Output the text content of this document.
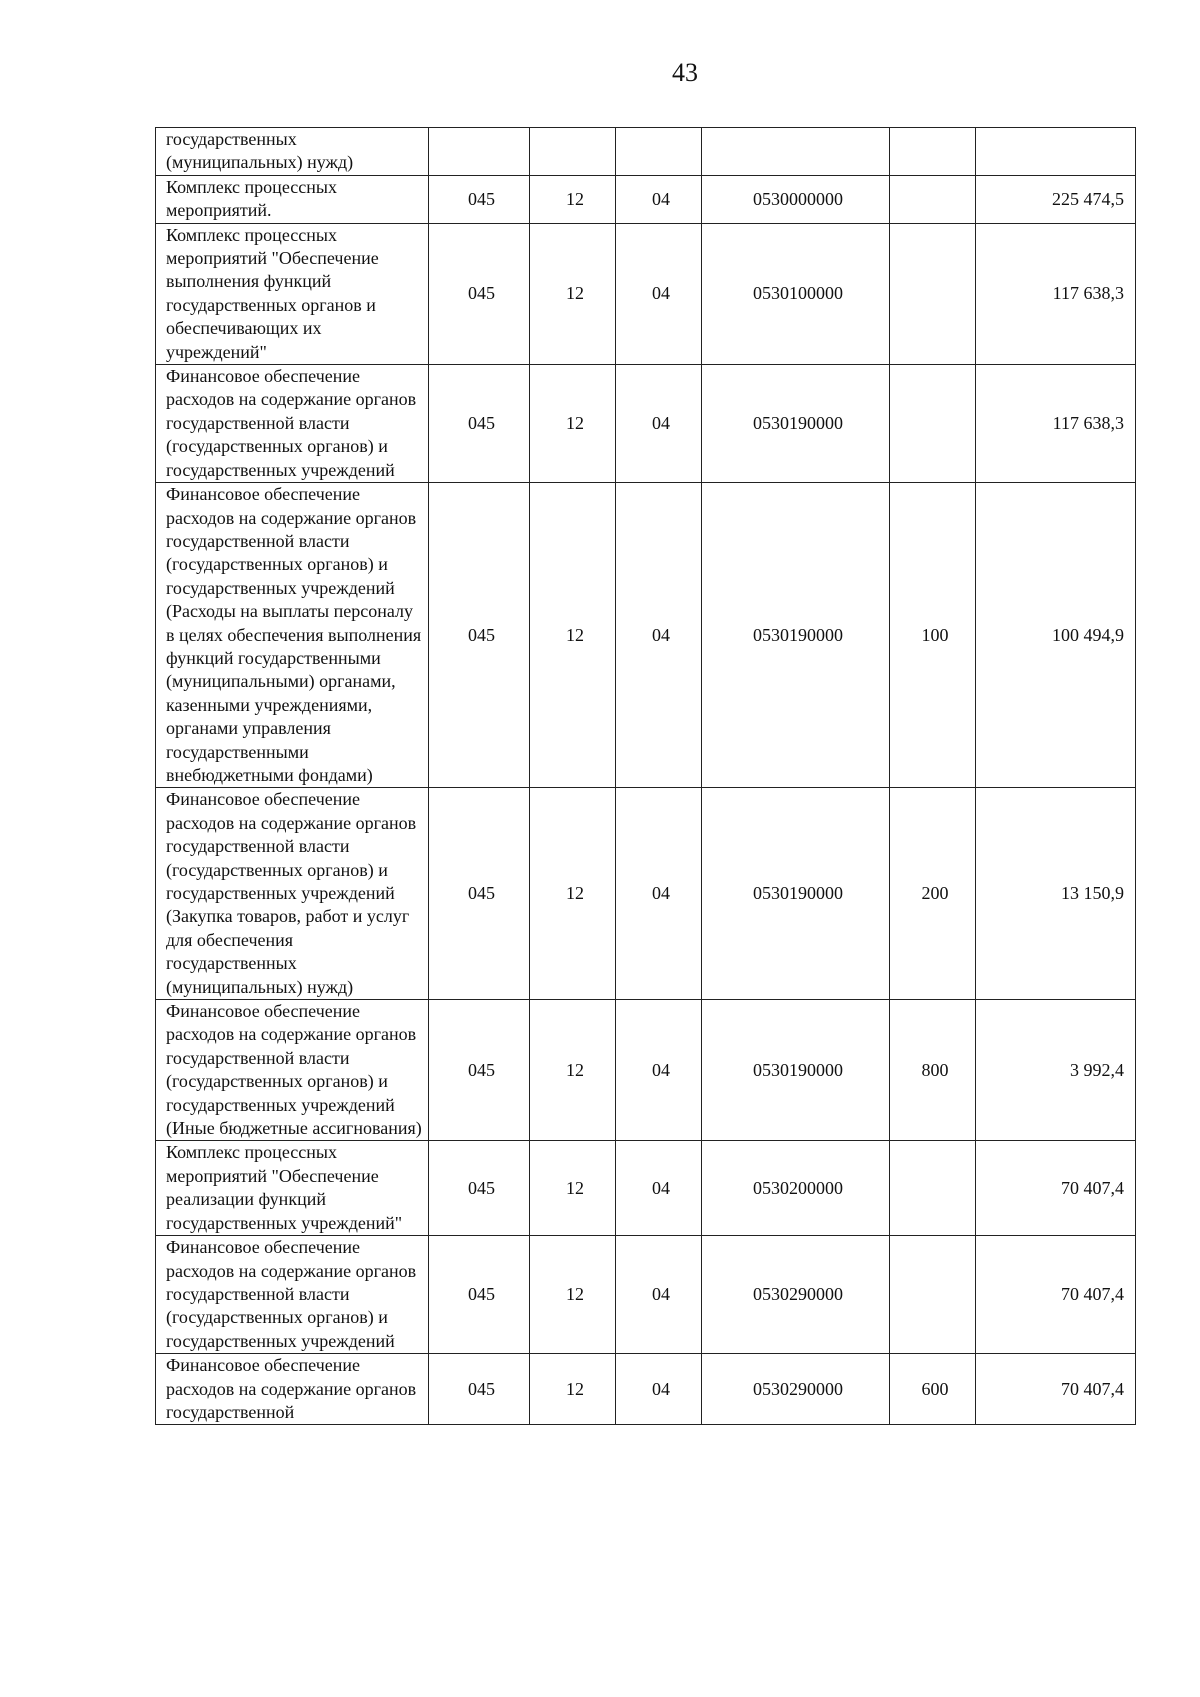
43
государственных (муниципальных) нужд)						
Комплекс процессных мероприятий.	045	12	04	0530000000		225 474,5
Комплекс процессных мероприятий "Обеспечение выполнения функций государственных органов и обеспечивающих их учреждений"	045	12	04	0530100000		117 638,3
Финансовое обеспечение расходов на содержание органов государственной власти (государственных органов) и государственных учреждений	045	12	04	0530190000		117 638,3
Финансовое обеспечение расходов на содержание органов государственной власти (государственных органов) и государственных учреждений (Расходы на выплаты персоналу в целях обеспечения выполнения функций государственными (муниципальными) органами, казенными учреждениями, органами управления государственными внебюджетными фондами)	045	12	04	0530190000	100	100 494,9
Финансовое обеспечение расходов на содержание органов государственной власти (государственных органов) и государственных учреждений (Закупка товаров, работ и услуг для обеспечения государственных (муниципальных) нужд)	045	12	04	0530190000	200	13 150,9
Финансовое обеспечение расходов на содержание органов государственной власти (государственных органов) и государственных учреждений (Иные бюджетные ассигнования)	045	12	04	0530190000	800	3 992,4
Комплекс процессных мероприятий "Обеспечение реализации функций государственных учреждений"	045	12	04	0530200000		70 407,4
Финансовое обеспечение расходов на содержание органов государственной власти (государственных органов) и государственных учреждений	045	12	04	0530290000		70 407,4
Финансовое обеспечение расходов на содержание органов государственной	045	12	04	0530290000	600	70 407,4
